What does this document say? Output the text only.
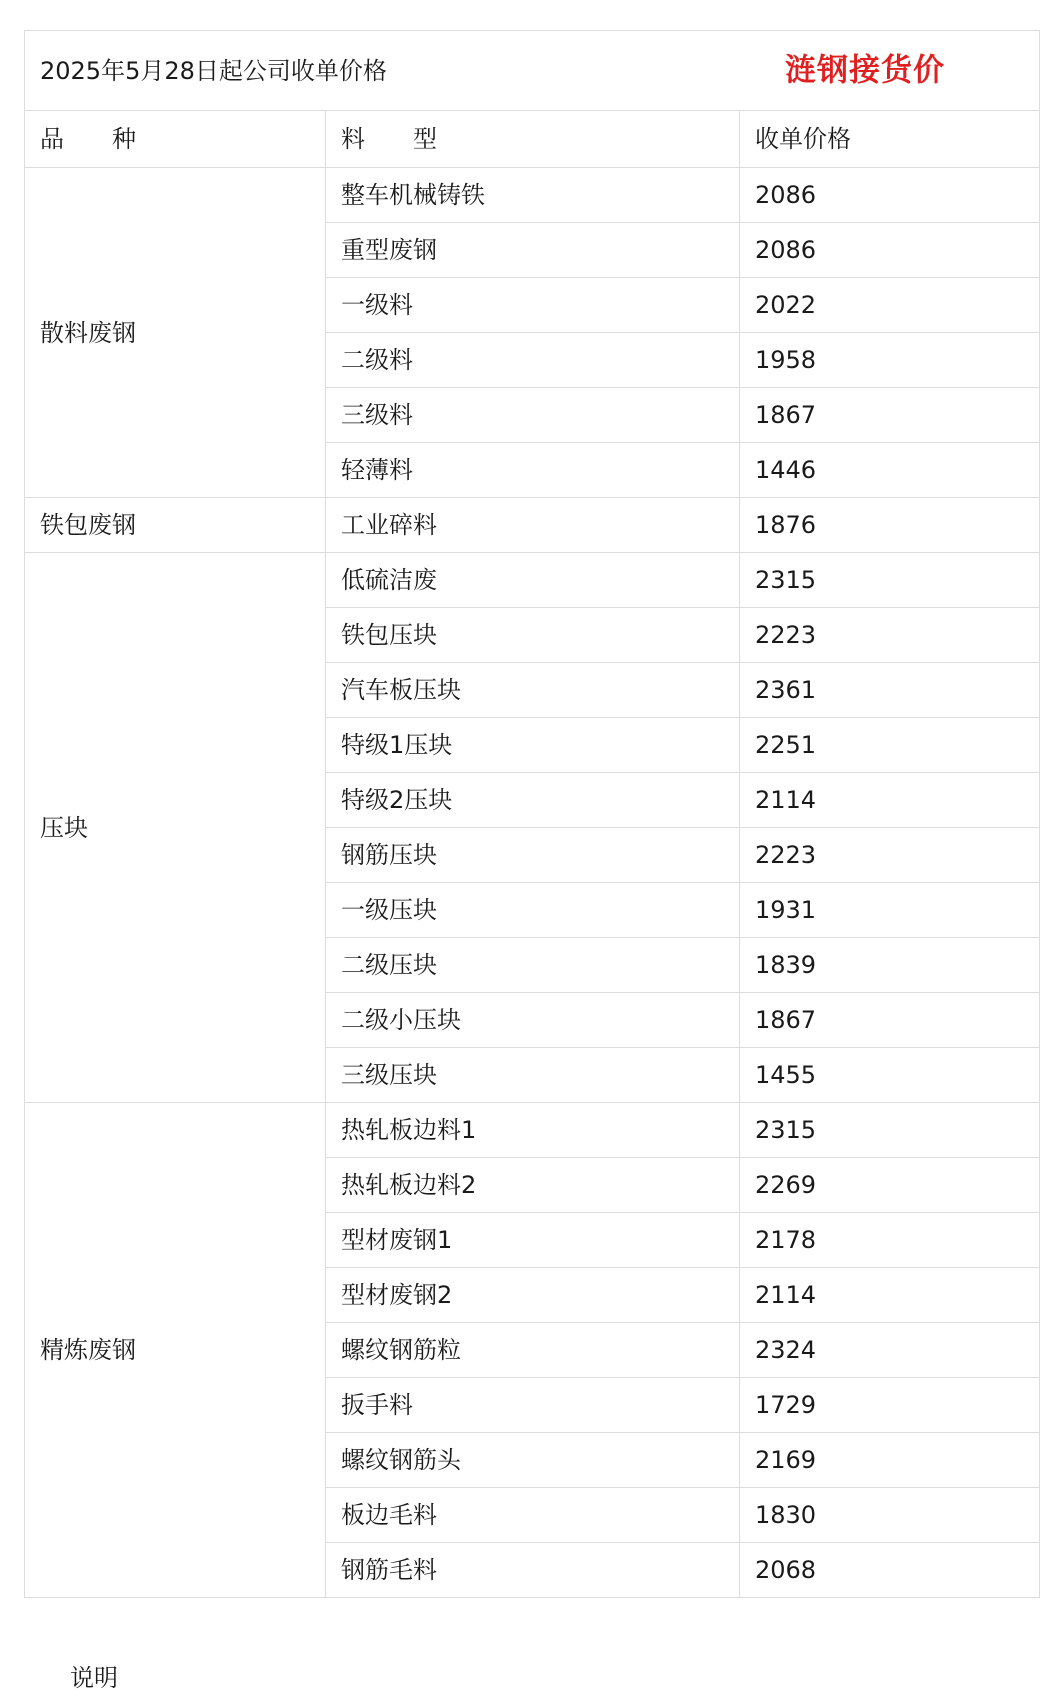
2025年5月28日起公司收单价格 涟钢接货价		

品　　种	料　　型	收单价格
散料废钢	整车机械铸铁	2086
	重型废钢	2086
	一级料	2022
	二级料	1958
	三级料	1867
	轻薄料	1446
铁包废钢	工业碎料	1876
压块	低硫洁废	2315
	铁包压块	2223
	汽车板压块	2361
	特级1压块	2251
	特级2压块	2114
	钢筋压块	2223
	一级压块	1931
	二级压块	1839
	二级小压块	1867
	三级压块	1455
精炼废钢	热轧板边料1	2315
	热轧板边料2	2269
	型材废钢1	2178
	型材废钢2	2114
	螺纹钢筋粒	2324
	扳手料	1729
	螺纹钢筋头	2169
	板边毛料	1830
	钢筋毛料	2068
说明
